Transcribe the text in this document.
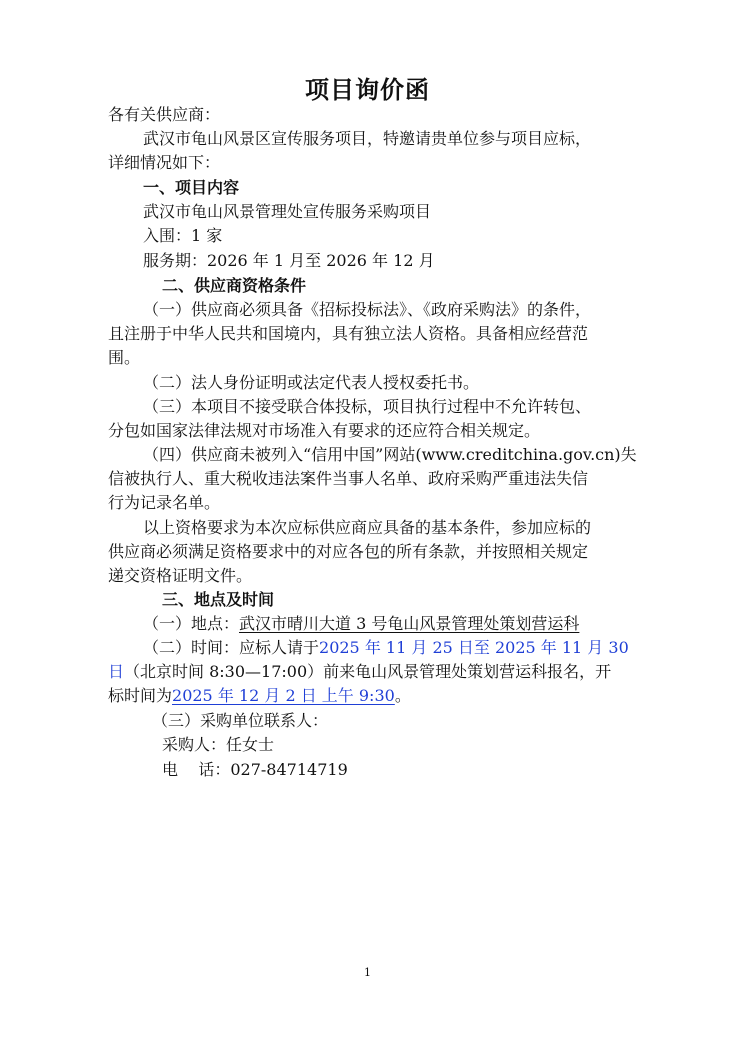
项目询价函
各有关供应商：
武汉市龟山风景区宣传服务项目，特邀请贵单位参与项目应标，
详细情况如下：
一、项目内容
武汉市龟山风景管理处宣传服务采购项目
入围：1 家
服务期：2026 年 1 月至 2026 年 12 月
二、供应商资格条件
（一）供应商必须具备《招标投标法》、《政府采购法》的条件，
且注册于中华人民共和国境内，具有独立法人资格。具备相应经营范
围。
（二）法人身份证明或法定代表人授权委托书。
（三）本项目不接受联合体投标，项目执行过程中不允许转包、
分包如国家法律法规对市场准入有要求的还应符合相关规定。
（四）供应商未被列入“信用中国”网站(www.creditchina.gov.cn)失
信被执行人、重大税收违法案件当事人名单、政府采购严重违法失信
行为记录名单。
以上资格要求为本次应标供应商应具备的基本条件，参加应标的
供应商必须满足资格要求中的对应各包的所有条款，并按照相关规定
递交资格证明文件。
三、地点及时间
（一）地点：武汉市晴川大道 3 号龟山风景管理处策划营运科
（二）时间：应标人请于2025 年 11 月 25 日至 2025 年 11 月 30
日（北京时间 8:30—17:00）前来龟山风景管理处策划营运科报名，开
标时间为2025 年 12 月 2 日 上午 9:30。
（三）采购单位联系人：
采购人：任女士
电    话：027-84714719
1
